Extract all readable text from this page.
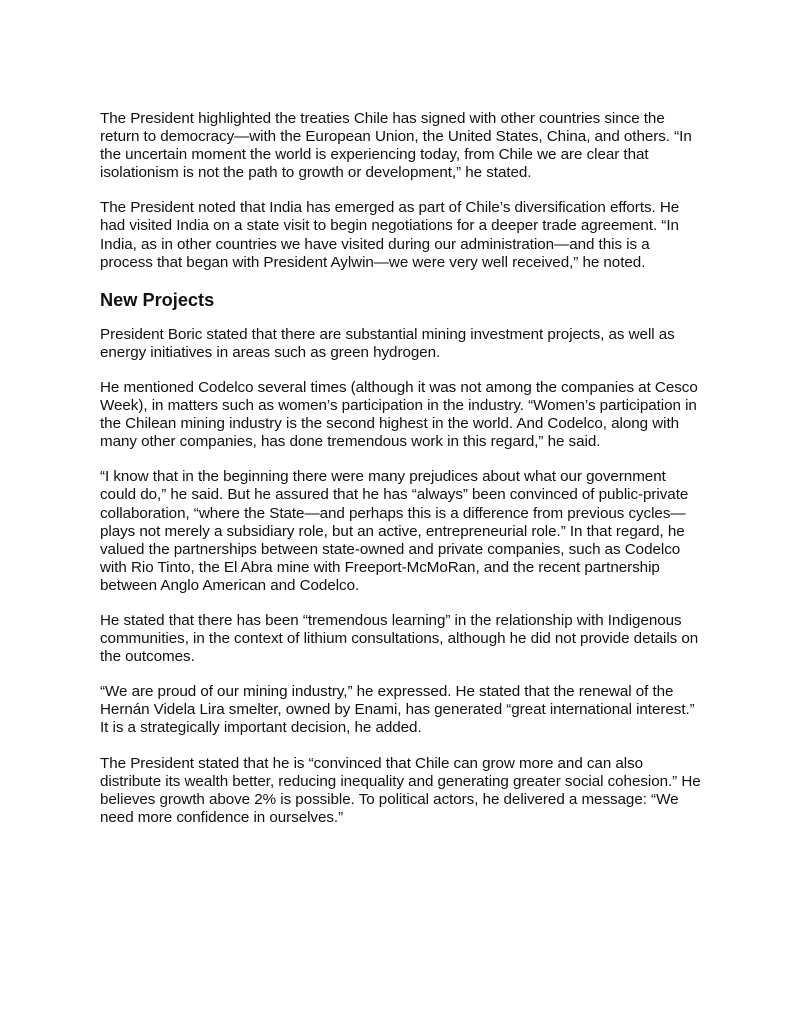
The President highlighted the treaties Chile has signed with other countries since the return to democracy—with the European Union, the United States, China, and others. “In the uncertain moment the world is experiencing today, from Chile we are clear that isolationism is not the path to growth or development,” he stated.

The President noted that India has emerged as part of Chile’s diversification efforts. He had visited India on a state visit to begin negotiations for a deeper trade agreement. “In India, as in other countries we have visited during our administration—and this is a process that began with President Aylwin—we were very well received,” he noted.

New Projects

President Boric stated that there are substantial mining investment projects, as well as energy initiatives in areas such as green hydrogen.

He mentioned Codelco several times (although it was not among the companies at Cesco Week), in matters such as women’s participation in the industry. “Women’s participation in the Chilean mining industry is the second highest in the world. And Codelco, along with many other companies, has done tremendous work in this regard,” he said.

“I know that in the beginning there were many prejudices about what our government could do,” he said. But he assured that he has “always” been convinced of public-private collaboration, “where the State—and perhaps this is a difference from previous cycles—plays not merely a subsidiary role, but an active, entrepreneurial role.” In that regard, he valued the partnerships between state-owned and private companies, such as Codelco with Rio Tinto, the El Abra mine with Freeport-McMoRan, and the recent partnership between Anglo American and Codelco.

He stated that there has been “tremendous learning” in the relationship with Indigenous communities, in the context of lithium consultations, although he did not provide details on the outcomes.

“We are proud of our mining industry,” he expressed. He stated that the renewal of the Hernán Videla Lira smelter, owned by Enami, has generated “great international interest.” It is a strategically important decision, he added.

The President stated that he is “convinced that Chile can grow more and can also distribute its wealth better, reducing inequality and generating greater social cohesion.” He believes growth above 2% is possible. To political actors, he delivered a message: “We need more confidence in ourselves.”
